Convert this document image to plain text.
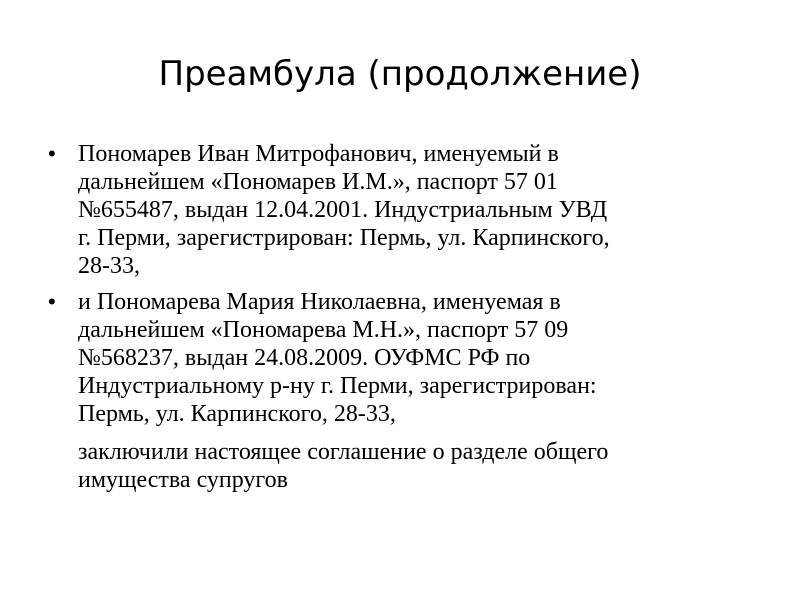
Преамбула (продолжение)
• Пономарев Иван Митрофанович, именуемый в
дальнейшем «Пономарев И.М.», паспорт 57 01
№655487, выдан 12.04.2001. Индустриальным УВД
г. Перми, зарегистрирован: Пермь, ул. Карпинского,
28-33,
• и Пономарева Мария Николаевна, именуемая в
дальнейшем «Пономарева М.Н.», паспорт 57 09
№568237, выдан 24.08.2009. ОУФМС РФ по
Индустриальному р-ну г. Перми, зарегистрирован:
Пермь, ул. Карпинского, 28-33,
заключили настоящее соглашение о разделе общего
имущества супругов
